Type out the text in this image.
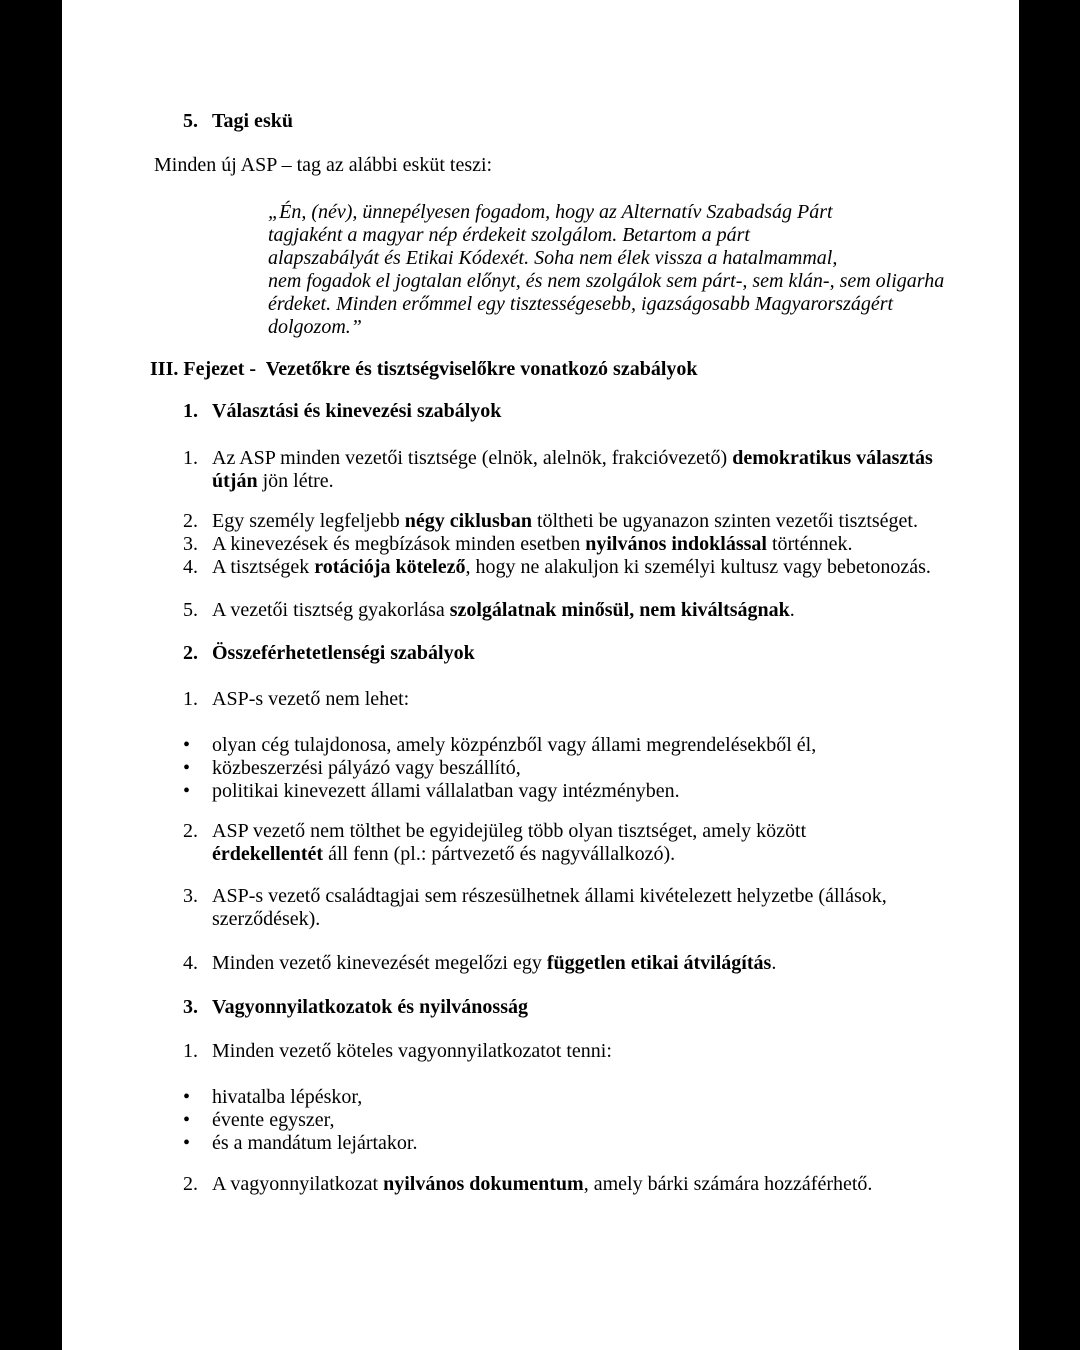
5. Tagi eskü

Minden új ASP – tag az alábbi esküt teszi:

„Én, (név), ünnepélyesen fogadom, hogy az Alternatív Szabadság Párt
tagjaként a magyar nép érdekeit szolgálom. Betartom a párt
alapszabályát és Etikai Kódexét. Soha nem élek vissza a hatalmammal,
nem fogadok el jogtalan előnyt, és nem szolgálok sem párt-, sem klán-, sem oligarha
érdeket. Minden erőmmel egy tisztességesebb, igazságosabb Magyarországért
dolgozom.”
III. Fejezet -  Vezetőkre és tisztségviselőkre vonatkozó szabályok
1. Választási és kinevezési szabályok
1. Az ASP minden vezetői tisztsége (elnök, alelnök, frakcióvezető) demokratikus választás
útján jön létre.
2. Egy személy legfeljebb négy ciklusban töltheti be ugyanazon szinten vezetői tisztséget.
3. A kinevezések és megbízások minden esetben nyilvános indoklással történnek.
4. A tisztségek rotációja kötelező, hogy ne alakuljon ki személyi kultusz vagy bebetonozás.
5. A vezetői tisztség gyakorlása szolgálatnak minősül, nem kiváltságnak.
2. Összeférhetetlenségi szabályok
1. ASP-s vezető nem lehet:
•	olyan cég tulajdonosa, amely közpénzből vagy állami megrendelésekből él,
•	közbeszerzési pályázó vagy beszállító,
•	politikai kinevezett állami vállalatban vagy intézményben.
2. ASP vezető nem tölthet be egyidejüleg több olyan tisztséget, amely között
érdekellentét áll fenn (pl.: pártvezető és nagyvállalkozó).
3. ASP-s vezető családtagjai sem részesülhetnek állami kivételezett helyzetbe (állások,
szerződések).
4. Minden vezető kinevezését megelőzi egy független etikai átvilágítás.
3. Vagyonnyilatkozatok és nyilvánosság
1. Minden vezető köteles vagyonnyilatkozatot tenni:
•	hivatalba lépéskor,
•	évente egyszer,
•	és a mandátum lejártakor.
2. A vagyonnyilatkozat nyilvános dokumentum, amely bárki számára hozzáférhető.
